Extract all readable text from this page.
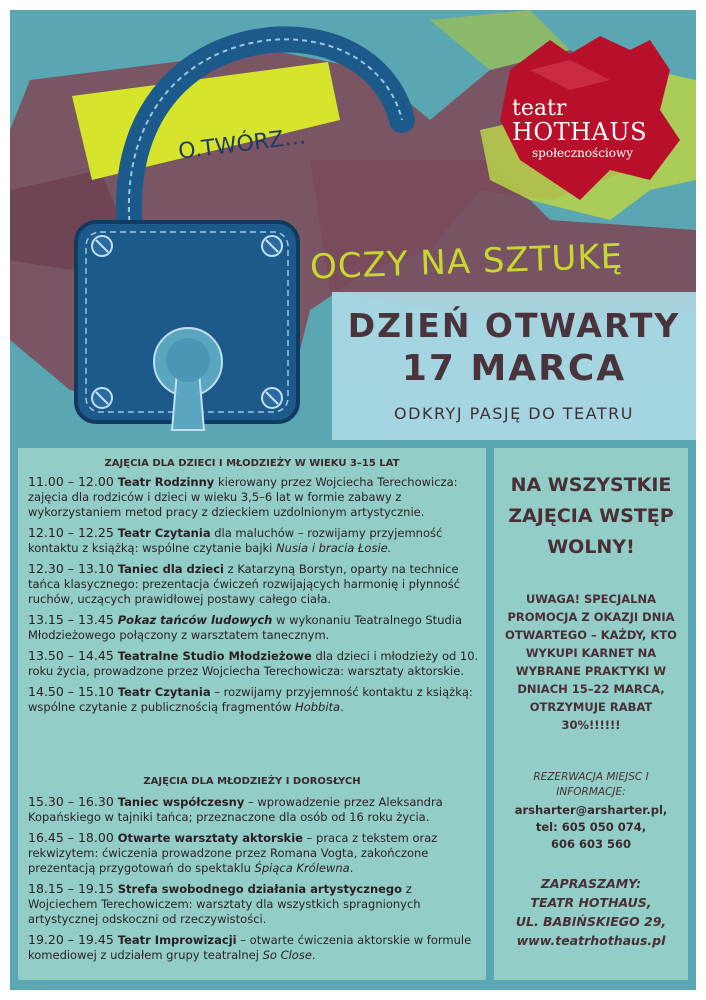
O.TWÓRZ…
teatr
HOTHAUS
społecznościowy
OCZY NA SZTUKĘ
DZIEŃ OTWARTY
17 MARCA
ODKRYJ PASJĘ DO TEATRU
ZAJĘCIA DLA DZIECI I MŁODZIEŻY W WIEKU 3–15 LAT
11.00 – 12.00 Teatr Rodzinny kierowany przez Wojciecha Terechowicza: zajęcia dla rodziców i dzieci w wieku 3,5–6 lat w formie zabawy z wykorzystaniem metod pracy z dzieckiem uzdolnionym artystycznie.
12.10 – 12.25 Teatr Czytania dla maluchów – rozwijamy przyjemność kontaktu z książką: wspólne czytanie bajki Nusia i bracia Łosie.
12.30 – 13.10 Taniec dla dzieci z Katarzyną Borstyn, oparty na technice tańca klasycznego: prezentacja ćwiczeń rozwijających harmonię i płynność ruchów, uczących prawidłowej postawy całego ciała.
13.15 – 13.45 Pokaz tańców ludowych w wykonaniu Teatralnego Studia Młodzieżowego połączony z warsztatem tanecznym.
13.50 – 14.45 Teatralne Studio Młodzieżowe dla dzieci i młodzieży od 10. roku życia, prowadzone przez Wojciecha Terechowicza: warsztaty aktorskie.
14.50 – 15.10 Teatr Czytania – rozwijamy przyjemność kontaktu z książką: wspólne czytanie z publicznością fragmentów Hobbita.
ZAJĘCIA DLA MŁODZIEŻY I DOROSŁYCH
15.30 – 16.30 Taniec współczesny – wprowadzenie przez Aleksandra Kopańskiego w tajniki tańca; przeznaczone dla osób od 16 roku życia.
16.45 – 18.00 Otwarte warsztaty aktorskie – praca z tekstem oraz rekwizytem: ćwiczenia prowadzone przez Romana Vogta, zakończone prezentacją przygotowań do spektaklu Śpiąca Królewna.
18.15 – 19.15 Strefa swobodnego działania artystycznego z Wojciechem Terechowiczem: warsztaty dla wszystkich spragnionych artystycznej odskoczni od rzeczywistości.
19.20 – 19.45 Teatr Improwizacji – otwarte ćwiczenia aktorskie w formule komediowej z udziałem grupy teatralnej So Close.
NA WSZYSTKIE
ZAJĘCIA WSTĘP
WOLNY!
UWAGA! SPECJALNA
PROMOCJA Z OKAZJI DNIA
OTWARTEGO – KAŻDY, KTO
WYKUPI KARNET NA
WYBRANE PRAKTYKI W
DNIACH 15–22 MARCA,
OTRZYMUJE RABAT
30%!!!!!!
REZERWACJA MIEJSC I
INFORMACJE:
arsharter@arsharter.pl,
tel: 605 050 074,
606 603 560
ZAPRASZAMY:
TEATR HOTHAUS,
UL. BABIŃSKIEGO 29,
www.teatrhothaus.pl
